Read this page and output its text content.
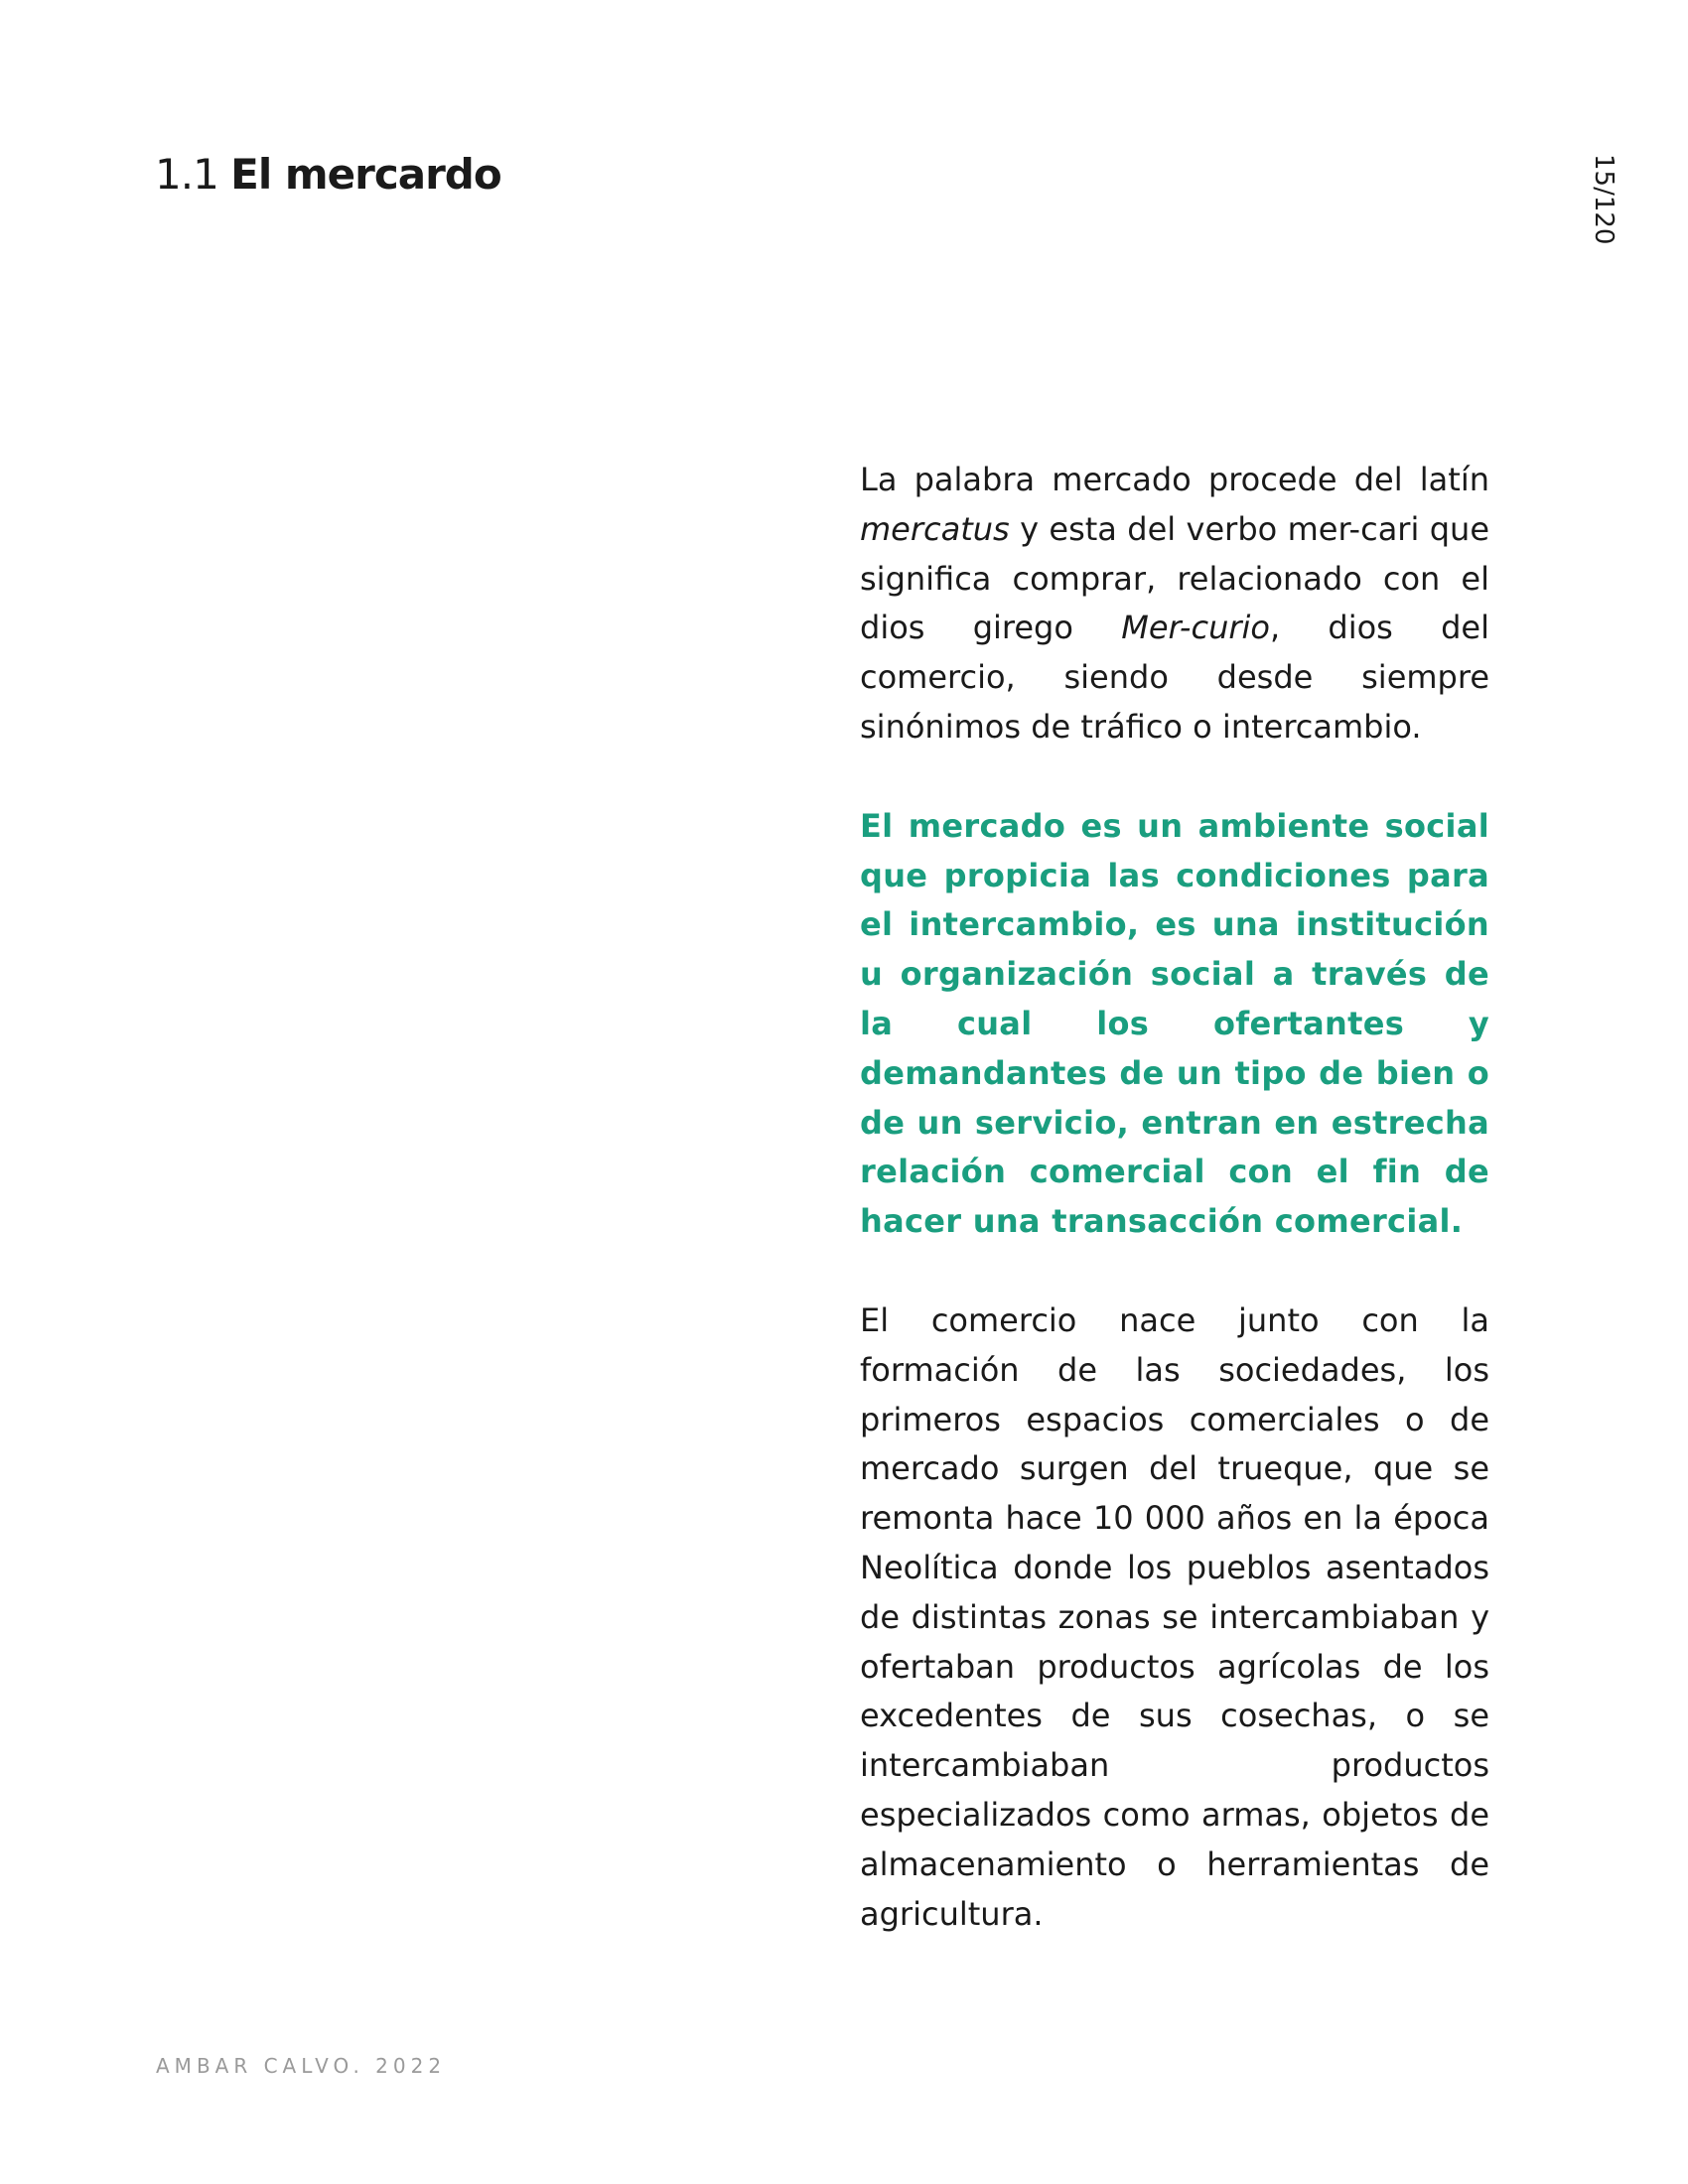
1.1 El mercardo	15/120

La palabra mercado procede del latín mercatus y esta del verbo mer-cari que significa comprar, relacionado con el dios girego Mer-curio, dios del comercio, siendo desde siempre sinónimos de tráfico o intercambio.

El mercado es un ambiente social que propicia las condiciones para el intercambio, es una institución u organización social a través de la cual los ofertantes y demandantes de un tipo de bien o de un servicio, entran en estrecha relación comercial con el fin de hacer una transacción comercial.

El comercio nace junto con la formación de las sociedades, los primeros espacios comerciales o de mercado surgen del trueque, que se remonta hace 10 000 años en la época Neolítica donde los pueblos asentados de distintas zonas se intercambiaban y ofertaban productos agrícolas de los excedentes de sus cosechas, o se intercambiaban productos especializados como armas, objetos de almacenamiento o herramientas de agricultura.

AMBAR CALVO. 2022
